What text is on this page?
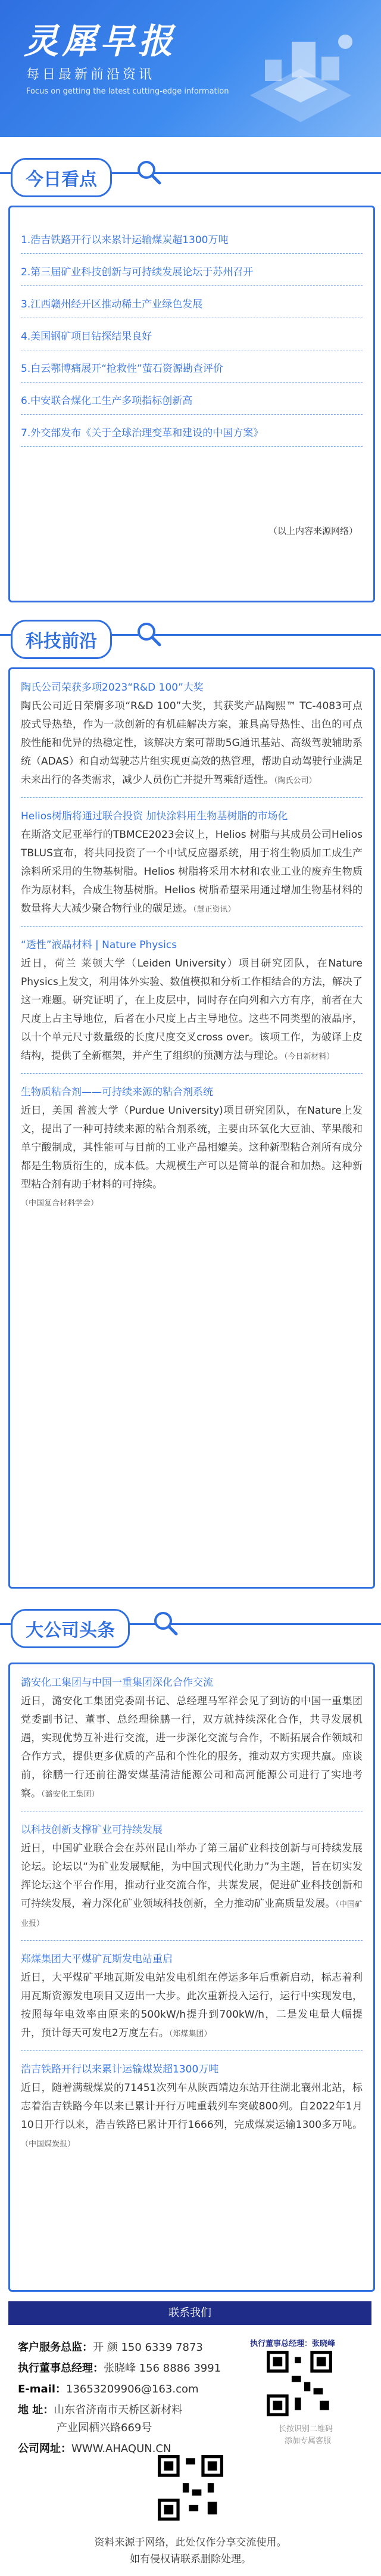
灵犀早报
每日最新前沿资讯
Focus on getting the latest cutting-edge information
今日看点
1.浩吉铁路开行以来累计运输煤炭超1300万吨
2.第三届矿业科技创新与可持续发展论坛于苏州召开
3.江西赣州经开区推动稀土产业绿色发展
4.美国钢矿项目钻探结果良好
5.白云鄂博痛展开“抢救性”萤石资源勘查评价
6.中安联合煤化工生产多项指标创新高
7.外交部发布《关于全球治理变革和建设的中国方案》
（以上内容来源网络）
科技前沿
陶氏公司荣获多项2023“R&D 100”大奖
陶氏公司近日荣膺多项“R&D 100”大奖，其获奖产品陶熙™ TC-4083可点胶式导热垫，作为一款创新的有机硅解决方案，兼具高导热性、出色的可点胶性能和优异的热稳定性，该解决方案可帮助5G通讯基站、高级驾驶辅助系统（ADAS）和自动驾驶芯片组实现更高效的热管理，帮助自动驾驶行业满足未来出行的各类需求，减少人员伤亡并提升驾乘舒适性。（陶氏公司）
Helios树脂将通过联合投资 加快涂料用生物基树脂的市场化
在斯洛文尼亚举行的TBMCE2023会议上，Helios 树脂与其成员公司Helios TBLUS宣布，将共同投资了一个中试反应器系统，用于将生物质加工成生产涂料所采用的生物基树脂。Helios 树脂将采用木材和农业工业的废弃生物质作为原材料，合成生物基树脂。Helios 树脂希望采用通过增加生物基材料的数量将大大减少聚合物行业的碳足迹。（慧正资讯）
“透性”液晶材料 | Nature Physics
近日，荷兰 莱顿大学（Leiden University）项目研究团队，在Nature Physics上发文，利用体外实验、数值模拟和分析工作相结合的方法，解决了这一难题。研究证明了，在上皮层中，同时存在向列和六方有序，前者在大尺度上占主导地位，后者在小尺度上占主导地位。这些不同类型的液晶序，以十个单元尺寸数量级的长度尺度交叉cross over。该项工作，为破译上皮结构，提供了全新框架，并产生了组织的预测方法与理论。（今日新材料）
生物质粘合剂——可持续来源的粘合剂系统
近日，美国 普渡大学（Purdue University)项目研究团队，在Nature上发文，提出了一种可持续来源的粘合剂系统，主要由环氧化大豆油、苹果酸和单宁酸制成，其性能可与目前的工业产品相媲美。这种新型粘合剂所有成分都是生物质衍生的，成本低。大规模生产可以是简单的混合和加热。这种新型粘合剂有助于材料的可持续。
（中国复合材料学会）
大公司头条
潞安化工集团与中国一重集团深化合作交流
近日，潞安化工集团党委副书记、总经理马军祥会见了到访的中国一重集团党委副书记、董事、总经理徐鹏一行，双方就持续深化合作，共寻发展机遇，实现优势互补进行交流，进一步深化交流与合作，不断拓展合作领域和合作方式，提供更多优质的产品和个性化的服务，推动双方实现共赢。座谈前，徐鹏一行还前往潞安煤基清洁能源公司和高河能源公司进行了实地考察。（潞安化工集团）
以科技创新支撑矿业可持续发展
近日，中国矿业联合会在苏州昆山举办了第三届矿业科技创新与可持续发展论坛。论坛以“为矿业发展赋能，为中国式现代化助力”为主题，旨在切实发挥论坛这个平台作用，推动行业交流合作，共谋发展，促进矿业科技创新和可持续发展，着力深化矿业领域科技创新，全力推动矿业高质量发展。（中国矿业报）
郑煤集团大平煤矿瓦斯发电站重启
近日，大平煤矿平地瓦斯发电站发电机组在停运多年后重新启动，标志着利用瓦斯资源发电项目又迈出一大步。此次重新投入运行，运行中实现发电，按照每年电效率由原来的500kW/h提升到700kW/h，二是发电量大幅提升，预计每天可发电2万度左右。（郑煤集团）
浩吉铁路开行以来累计运输煤炭超1300万吨
近日，随着满载煤炭的71451次列车从陕西靖边东站开往湖北襄州北站，标志着浩吉铁路今年以来已累计开行万吨重载列车突破800列。自2022年1月10日开行以来，浩吉铁路已累计开行1666列，完成煤炭运输1300多万吨。（中国煤炭报）
联系我们
客户服务总监：开 颜 150 6339 7873
执行董事总经理：张晓峰 156 8886 3991
E-mail：13653209906@163.com
地 址：山东省济南市天桥区新材料
产业园栖兴路669号
公司网址：WWW.AHAQUN.CN
执行董事总经理：张晓峰
长按识别二维码
添加专属客服
资料来源于网络，此处仅作分享交流使用。
如有侵权请联系删除处理。
